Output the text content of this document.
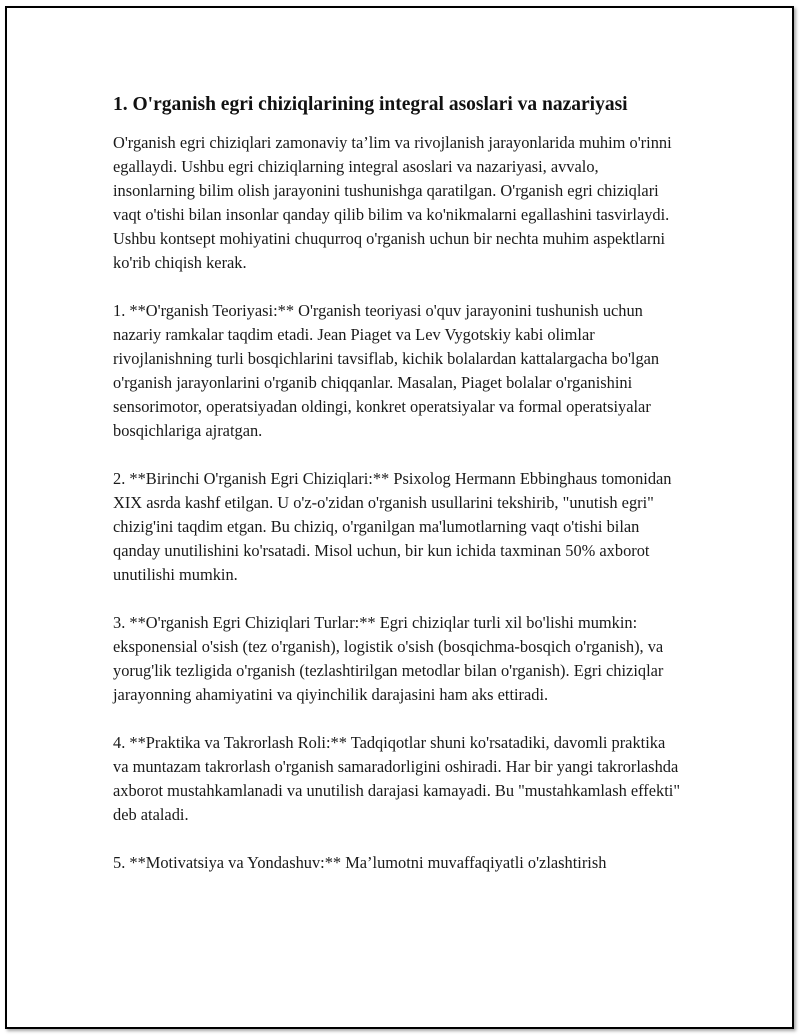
1. O'rganish egri chiziqlarining integral asoslari va nazariyasi

O'rganish egri chiziqlari zamonaviy ta’lim va rivojlanish jarayonlarida muhim o'rinni egallaydi. Ushbu egri chiziqlarning integral asoslari va nazariyasi, avvalo, insonlarning bilim olish jarayonini tushunishga qaratilgan. O'rganish egri chiziqlari vaqt o'tishi bilan insonlar qanday qilib bilim va ko'nikmalarni egallashini tasvirlaydi. Ushbu kontsept mohiyatini chuqurroq o'rganish uchun bir nechta muhim aspektlarni ko'rib chiqish kerak.

1. **O'rganish Teoriyasi:** O'rganish teoriyasi o'quv jarayonini tushunish uchun nazariy ramkalar taqdim etadi. Jean Piaget va Lev Vygotskiy kabi olimlar rivojlanishning turli bosqichlarini tavsiflab, kichik bolalardan kattalargacha bo'lgan o'rganish jarayonlarini o'rganib chiqqanlar. Masalan, Piaget bolalar o'rganishini sensorimotor, operatsiyadan oldingi, konkret operatsiyalar va formal operatsiyalar bosqichlariga ajratgan.

2. **Birinchi O'rganish Egri Chiziqlari:** Psixolog Hermann Ebbinghaus tomonidan XIX asrda kashf etilgan. U o'z-o'zidan o'rganish usullarini tekshirib, "unutish egri" chizig'ini taqdim etgan. Bu chiziq, o'rganilgan ma'lumotlarning vaqt o'tishi bilan qanday unutilishini ko'rsatadi. Misol uchun, bir kun ichida taxminan 50% axborot unutilishi mumkin.

3. **O'rganish Egri Chiziqlari Turlar:** Egri chiziqlar turli xil bo'lishi mumkin: eksponensial o'sish (tez o'rganish), logistik o'sish (bosqichma-bosqich o'rganish), va yorug'lik tezligida o'rganish (tezlashtirilgan metodlar bilan o'rganish). Egri chiziqlar jarayonning ahamiyatini va qiyinchilik darajasini ham aks ettiradi.

4. **Praktika va Takrorlash Roli:** Tadqiqotlar shuni ko'rsatadiki, davomli praktika va muntazam takrorlash o'rganish samaradorligini oshiradi. Har bir yangi takrorlashda axborot mustahkamlanadi va unutilish darajasi kamayadi. Bu "mustahkamlash effekti" deb ataladi.

5. **Motivatsiya va Yondashuv:** Ma’lumotni muvaffaqiyatli o'zlashtirish
